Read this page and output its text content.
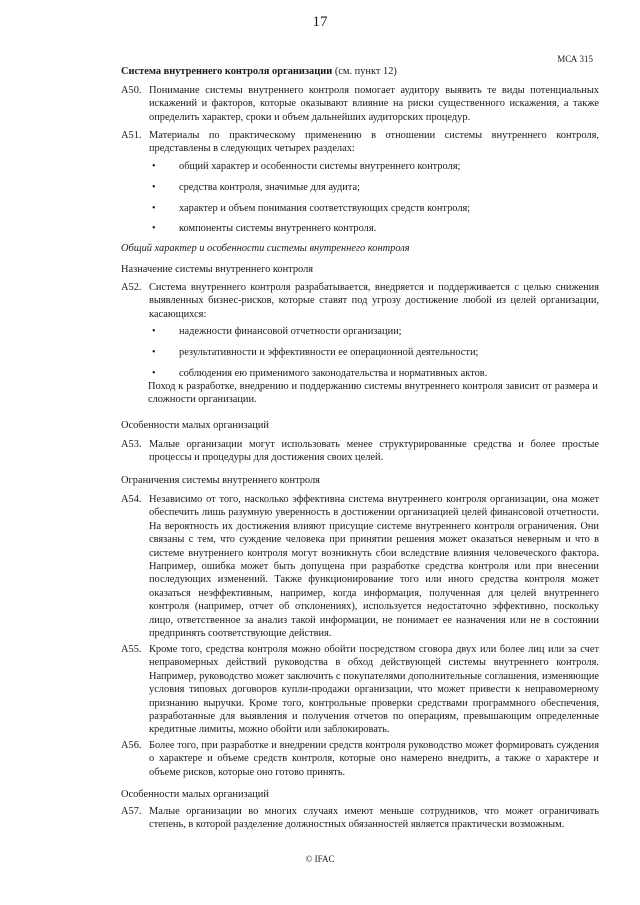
17
МСА 315
Система внутреннего контроля организации (см. пункт 12)
A50. Понимание системы внутреннего контроля помогает аудитору выявить те виды потенциальных искажений и факторов, которые оказывают влияние на риски существенного искажения, а также определить характер, сроки и объем дальнейших аудиторских процедур.
A51. Материалы по практическому применению в отношении системы внутреннего контроля, представлены в следующих четырех разделах:
• общий характер и особенности системы внутреннего контроля;
• средства контроля, значимые для аудита;
• характер и объем понимания соответствующих средств контроля;
• компоненты системы внутреннего контроля.
Общий характер и особенности системы внутреннего контроля
Назначение системы внутреннего контроля
A52. Система внутреннего контроля разрабатывается, внедряется и поддерживается с целью снижения выявленных бизнес-рисков, которые ставят под угрозу достижение любой из целей организации, касающихся:
• надежности финансовой отчетности организации;
• результативности и эффективности ее операционной деятельности;
• соблюдения ею применимого законодательства и нормативных актов.
Поход к разработке, внедрению и поддержанию системы внутреннего контроля зависит от размера и сложности организации.
Особенности малых организаций
A53. Малые организации могут использовать менее структурированные средства и более простые процессы и процедуры для достижения своих целей.
Ограничения системы внутреннего контроля
A54. Независимо от того, насколько эффективна система внутреннего контроля организации, она может обеспечить лишь разумную уверенность в достижении организацией целей финансовой отчетности. На вероятность их достижения влияют присущие системе внутреннего контроля ограничения. Они связаны с тем, что суждение человека при принятии решения может оказаться неверным и что в системе внутреннего контроля могут возникнуть сбои вследствие влияния человеческого фактора. Например, ошибка может быть допущена при разработке средства контроля или при внесении последующих изменений. Также функционирование того или иного средства контроля может оказаться неэффективным, например, когда информация, полученная для целей внутреннего контроля (например, отчет об отклонениях), используется недостаточно эффективно, поскольку лицо, ответственное за анализ такой информации, не понимает ее назначения или не в состоянии предпринять соответствующие действия.
A55. Кроме того, средства контроля можно обойти посредством сговора двух или более лиц или за счет неправомерных действий руководства в обход действующей системы внутреннего контроля. Например, руководство может заключить с покупателями дополнительные соглашения, изменяющие условия типовых договоров купли-продажи организации, что может привести к неправомерному признанию выручки. Кроме того, контрольные проверки средствами программного обеспечения, разработанные для выявления и получения отчетов по операциям, превышающим определенные кредитные лимиты, можно обойти или заблокировать.
A56. Более того, при разработке и внедрении средств контроля руководство может формировать суждения о характере и объеме средств контроля, которые оно намерено внедрить, а также о характере и объеме рисков, которые оно готово принять.
Особенности малых организаций
A57. Малые организации во многих случаях имеют меньше сотрудников, что может ограничивать степень, в которой разделение должностных обязанностей является практически возможным.
© IFAC
